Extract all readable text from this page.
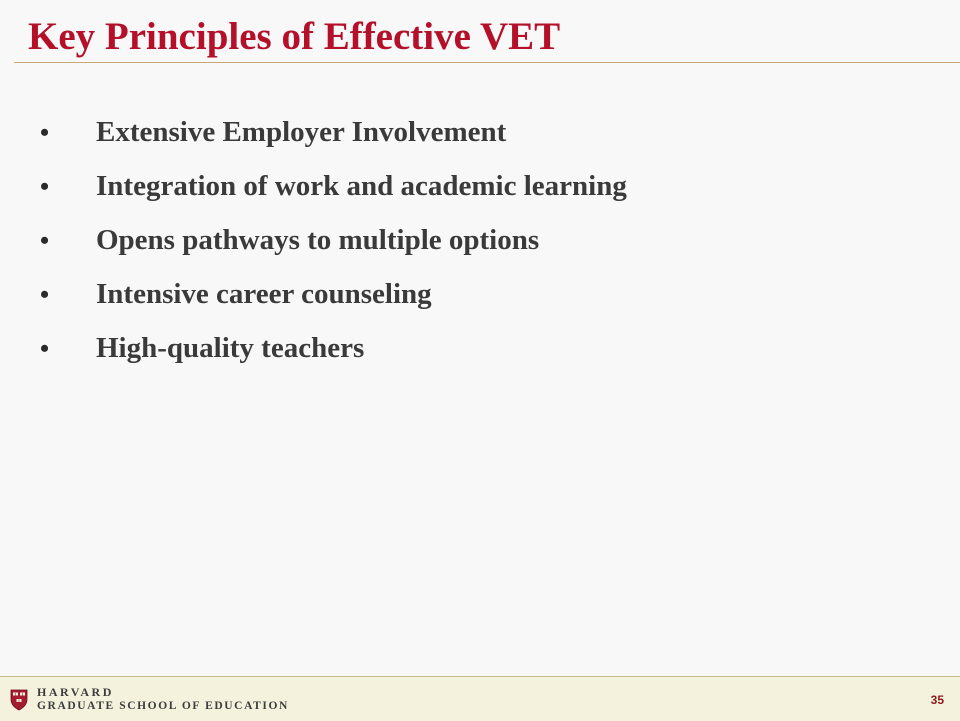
Key Principles of Effective VET
• Extensive Employer Involvement
• Integration of work and academic learning
• Opens pathways to multiple options
• Intensive career counseling
• High-quality teachers
HARVARD
GRADUATE SCHOOL OF EDUCATION	35
